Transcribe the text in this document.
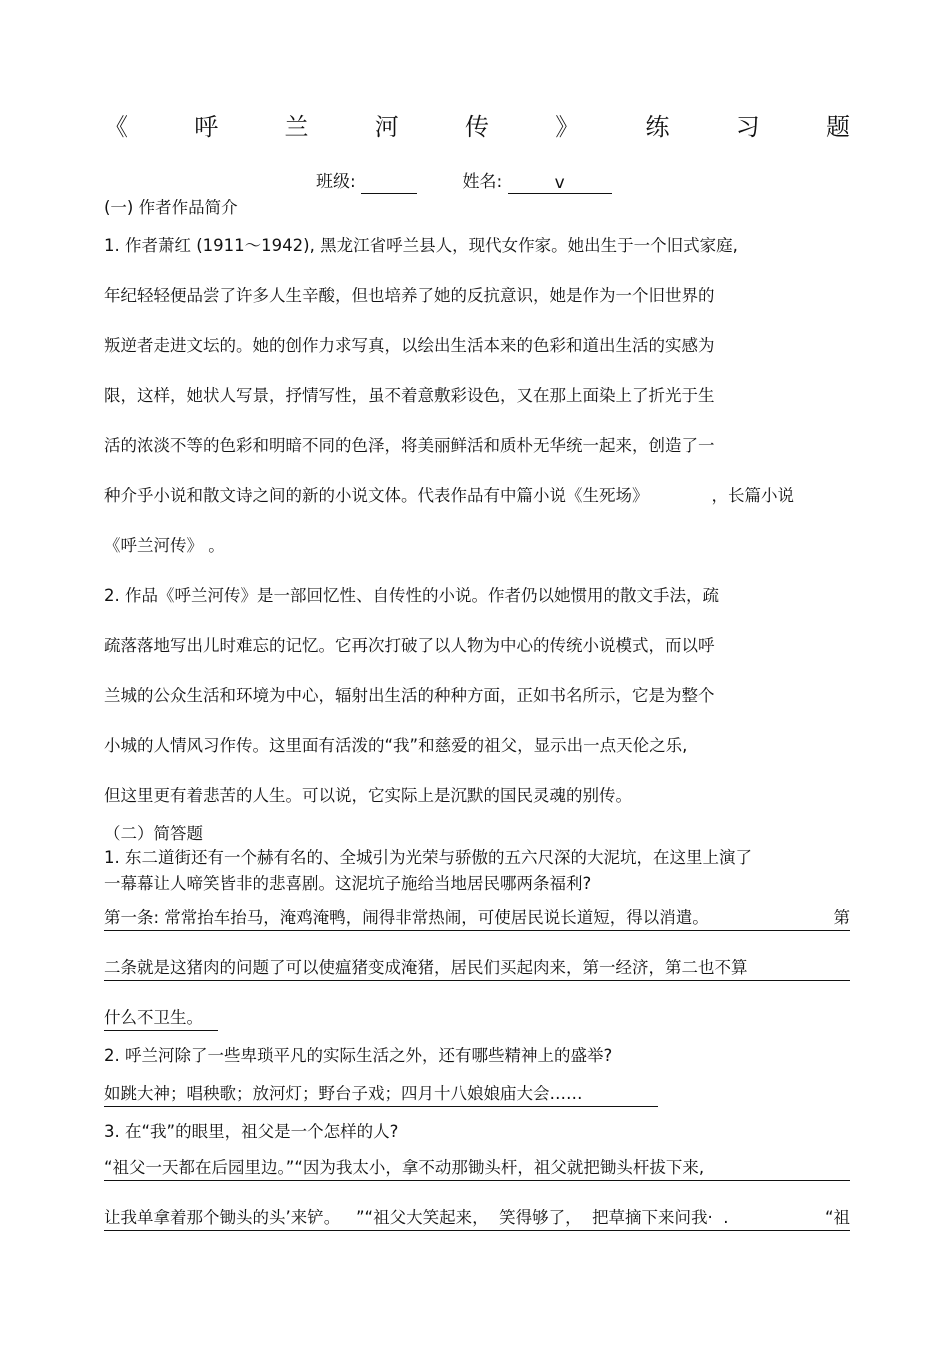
《	呼	兰	河	传	》	练	习	题
班级:	姓名:	v
(一) 作者作品简介
1. 作者萧红 (1911～1942), 黑龙江省呼兰县人，现代女作家。她出生于一个旧式家庭,
年纪轻轻便品尝了许多人生辛酸，但也培养了她的反抗意识，她是作为一个旧世界的
叛逆者走进文坛的。她的创作力求写真，以绘出生活本来的色彩和道出生活的实感为
限，这样，她状人写景，抒情写性，虽不着意敷彩设色，又在那上面染上了折光于生
活的浓淡不等的色彩和明暗不同的色泽，将美丽鲜活和质朴无华统一起来，创造了一
种介乎小说和散文诗之间的新的小说文体。代表作品有中篇小说《生死场》            ，长篇小说
《呼兰河传》 。
2. 作品《呼兰河传》是一部回忆性、自传性的小说。作者仍以她惯用的散文手法，疏
疏落落地写出儿时难忘的记忆。它再次打破了以人物为中心的传统小说模式，而以呼
兰城的公众生活和环境为中心，辐射出生活的种种方面，正如书名所示，它是为整个
小城的人情风习作传。这里面有活泼的“我”和慈爱的祖父，显示出一点天伦之乐,
但这里更有着悲苦的人生。可以说，它实际上是沉默的国民灵魂的别传。
（二）简答题
1. 东二道街还有一个赫有名的、全城引为光荣与骄傲的五六尺深的大泥坑，在这里上演了
一幕幕让人啼笑皆非的悲喜剧。这泥坑子施给当地居民哪两条福利?
第一条: 常常抬车抬马，淹鸡淹鸭，闹得非常热闹，可使居民说长道短，得以消遣。	第
二条就是这猪肉的问题了可以使瘟猪变成淹猪，居民们买起肉来，第一经济，第二也不算
什么不卫生。
2. 呼兰河除了一些卑琐平凡的实际生活之外，还有哪些精神上的盛举?
如跳大神；唱秧歌；放河灯；野台子戏；四月十八娘娘庙大会……
3. 在“我”的眼里，祖父是一个怎样的人?
“祖父一天都在后园里边。”“因为我太小，拿不动那锄头杆，祖父就把锄头杆拔下来,
让我单拿着那个锄头的头’来铲。   ”“祖父大笑起来，  笑得够了，  把草摘下来问我·  .	“祖
